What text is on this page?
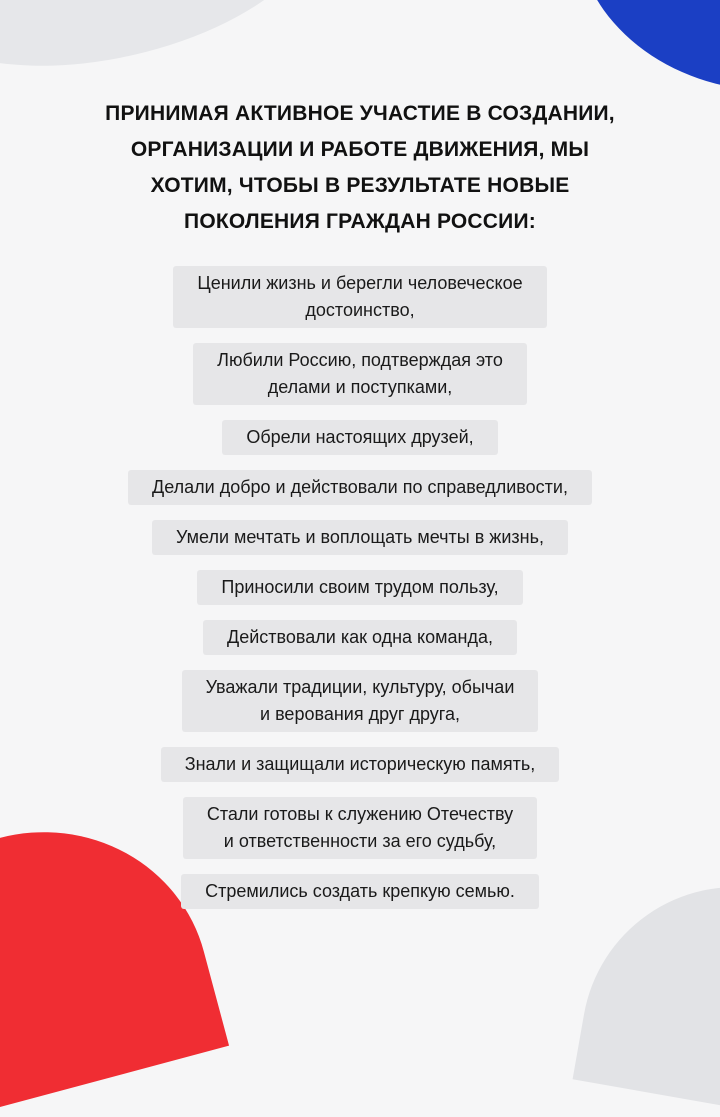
ПРИНИМАЯ АКТИВНОЕ УЧАСТИЕ В СОЗДАНИИ,
ОРГАНИЗАЦИИ И РАБОТЕ ДВИЖЕНИЯ, МЫ
ХОТИМ, ЧТОБЫ В РЕЗУЛЬТАТЕ НОВЫЕ
ПОКОЛЕНИЯ ГРАЖДАН РОССИИ:
Ценили жизнь и берегли человеческое
достоинство,
Любили Россию, подтверждая это
делами и поступками,
Обрели настоящих друзей,
Делали добро и действовали по справедливости,
Умели мечтать и воплощать мечты в жизнь,
Приносили своим трудом пользу,
Действовали как одна команда,
Уважали традиции, культуру, обычаи
и верования друг друга,
Знали и защищали историческую память,
Стали готовы к служению Отечеству
и ответственности за его судьбу,
Стремились создать крепкую семью.
